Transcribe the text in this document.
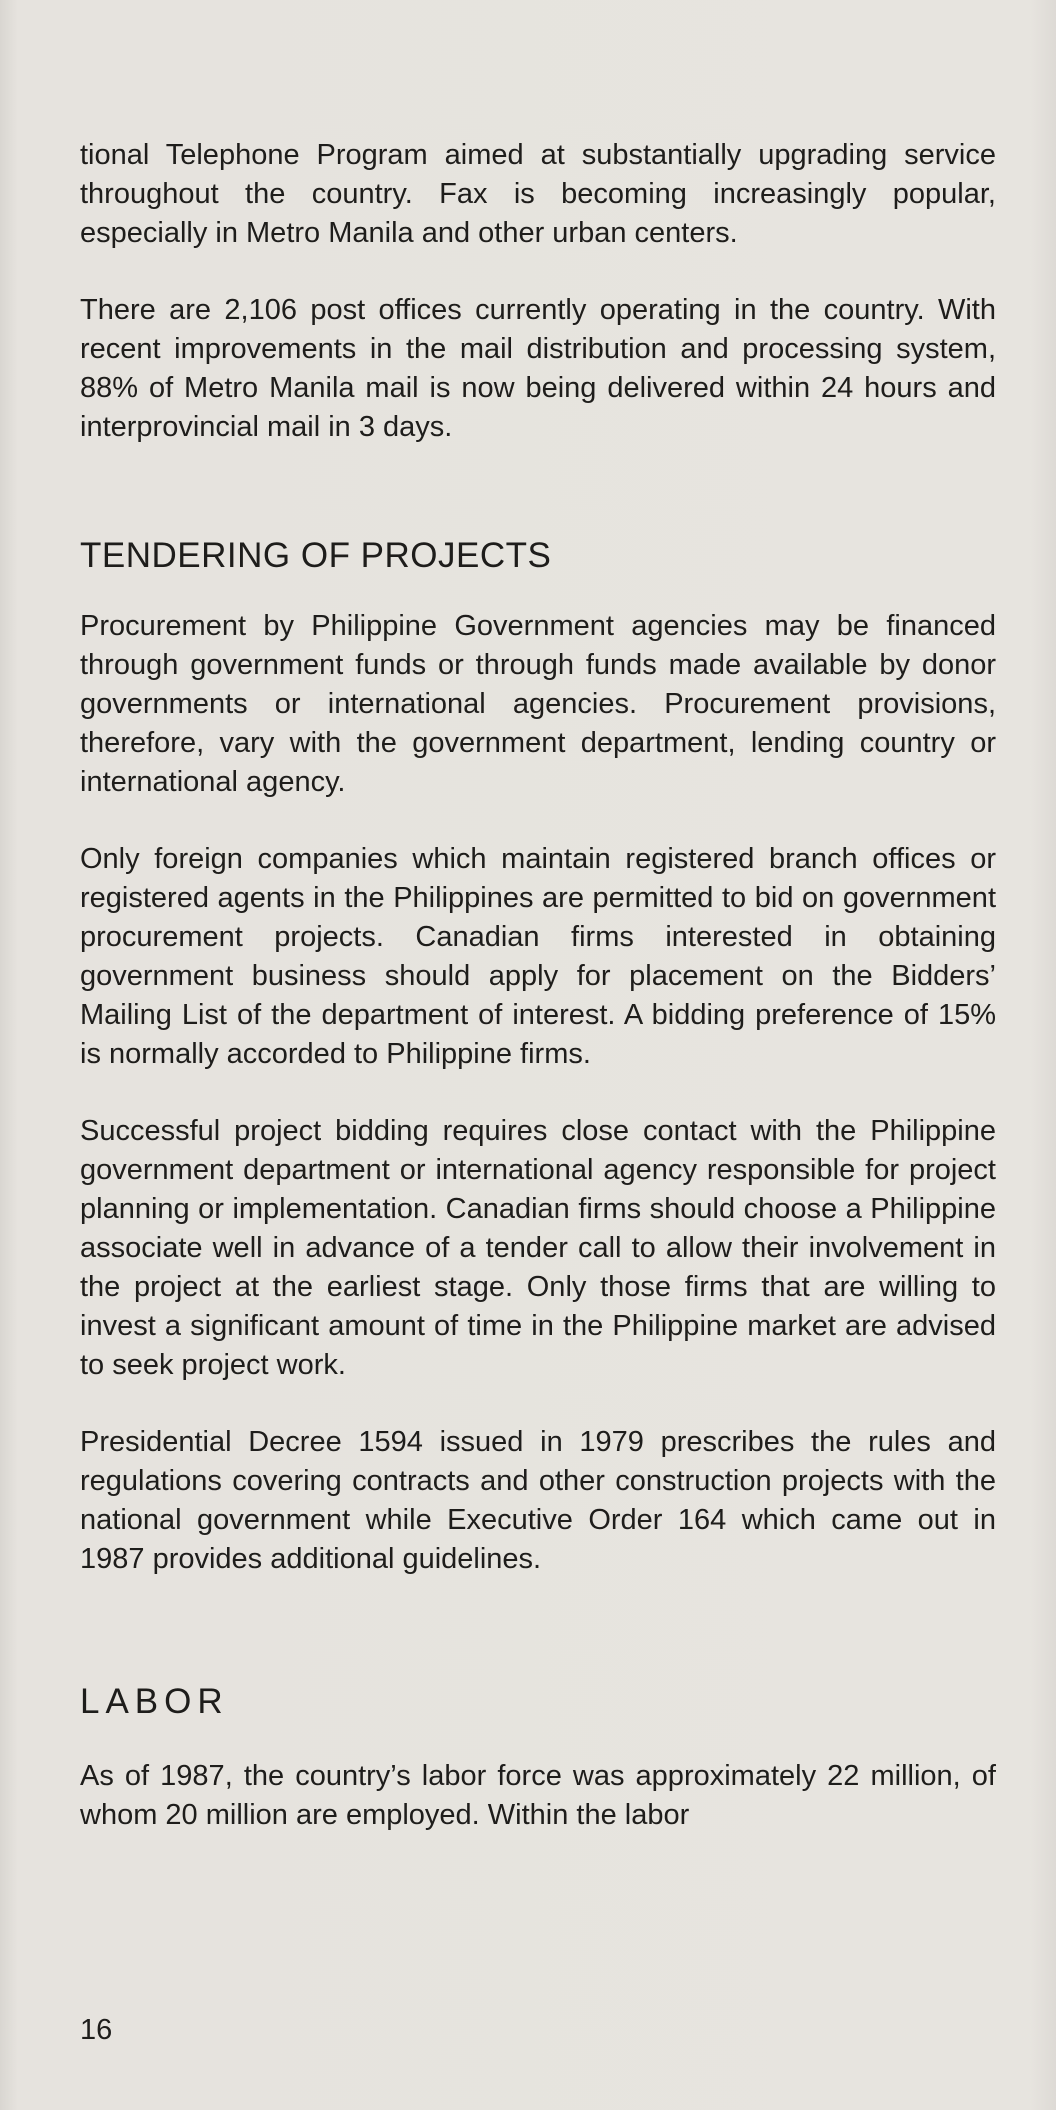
tional Telephone Program aimed at substantially upgrading service throughout the country. Fax is becoming increasingly popular, especially in Metro Manila and other urban centers.

There are 2,106 post offices currently operating in the country. With recent improvements in the mail distribution and processing system, 88% of Metro Manila mail is now being delivered within 24 hours and interprovincial mail in 3 days.

TENDERING OF PROJECTS

Procurement by Philippine Government agencies may be financed through government funds or through funds made available by donor governments or international agencies. Procurement provisions, therefore, vary with the government department, lending country or international agency.

Only foreign companies which maintain registered branch offices or registered agents in the Philippines are permitted to bid on government procurement projects. Canadian firms interested in obtaining government business should apply for placement on the Bidders’ Mailing List of the department of interest. A bidding preference of 15% is normally accorded to Philippine firms.

Successful project bidding requires close contact with the Philippine government department or international agency responsible for project planning or implementation. Canadian firms should choose a Philippine associate well in advance of a tender call to allow their involvement in the project at the earliest stage. Only those firms that are willing to invest a significant amount of time in the Philippine market are advised to seek project work.

Presidential Decree 1594 issued in 1979 prescribes the rules and regulations covering contracts and other construction projects with the national government while Executive Order 164 which came out in 1987 provides additional guidelines.

LABOR

As of 1987, the country’s labor force was approximately 22 million, of whom 20 million are employed. Within the labor

16
